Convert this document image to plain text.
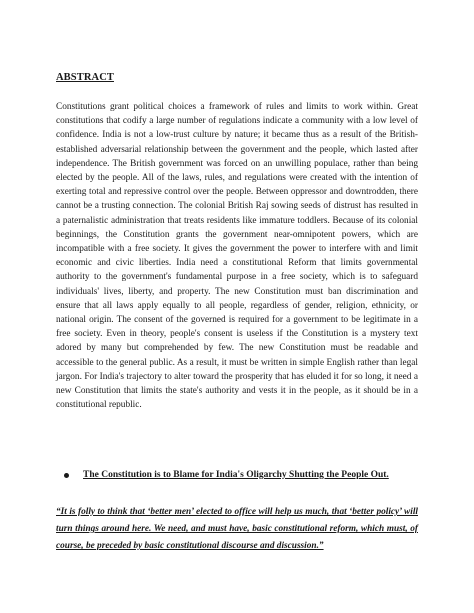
ABSTRACT

Constitutions grant political choices a framework of rules and limits to work within. Great constitutions that codify a large number of regulations indicate a community with a low level of confidence. India is not a low-trust culture by nature; it became thus as a result of the British-established adversarial relationship between the government and the people, which lasted after independence. The British government was forced on an unwilling populace, rather than being elected by the people. All of the laws, rules, and regulations were created with the intention of exerting total and repressive control over the people. Between oppressor and downtrodden, there cannot be a trusting connection. The colonial British Raj sowing seeds of distrust has resulted in a paternalistic administration that treats residents like immature toddlers. Because of its colonial beginnings, the Constitution grants the government near-omnipotent powers, which are incompatible with a free society. It gives the government the power to interfere with and limit economic and civic liberties. India need a constitutional Reform that limits governmental authority to the government's fundamental purpose in a free society, which is to safeguard individuals' lives, liberty, and property. The new Constitution must ban discrimination and ensure that all laws apply equally to all people, regardless of gender, religion, ethnicity, or national origin. The consent of the governed is required for a government to be legitimate in a free society. Even in theory, people's consent is useless if the Constitution is a mystery text adored by many but comprehended by few. The new Constitution must be readable and accessible to the general public. As a result, it must be written in simple English rather than legal jargon. For India's trajectory to alter toward the prosperity that has eluded it for so long, it need a new Constitution that limits the state's authority and vests it in the people, as it should be in a constitutional republic.

The Constitution is to Blame for India's Oligarchy Shutting the People Out.

“It is folly to think that ‘better men’ elected to office will help us much, that ‘better policy’ will turn things around here. We need, and must have, basic constitutional reform, which must, of course, be preceded by basic constitutional discourse and discussion.”
